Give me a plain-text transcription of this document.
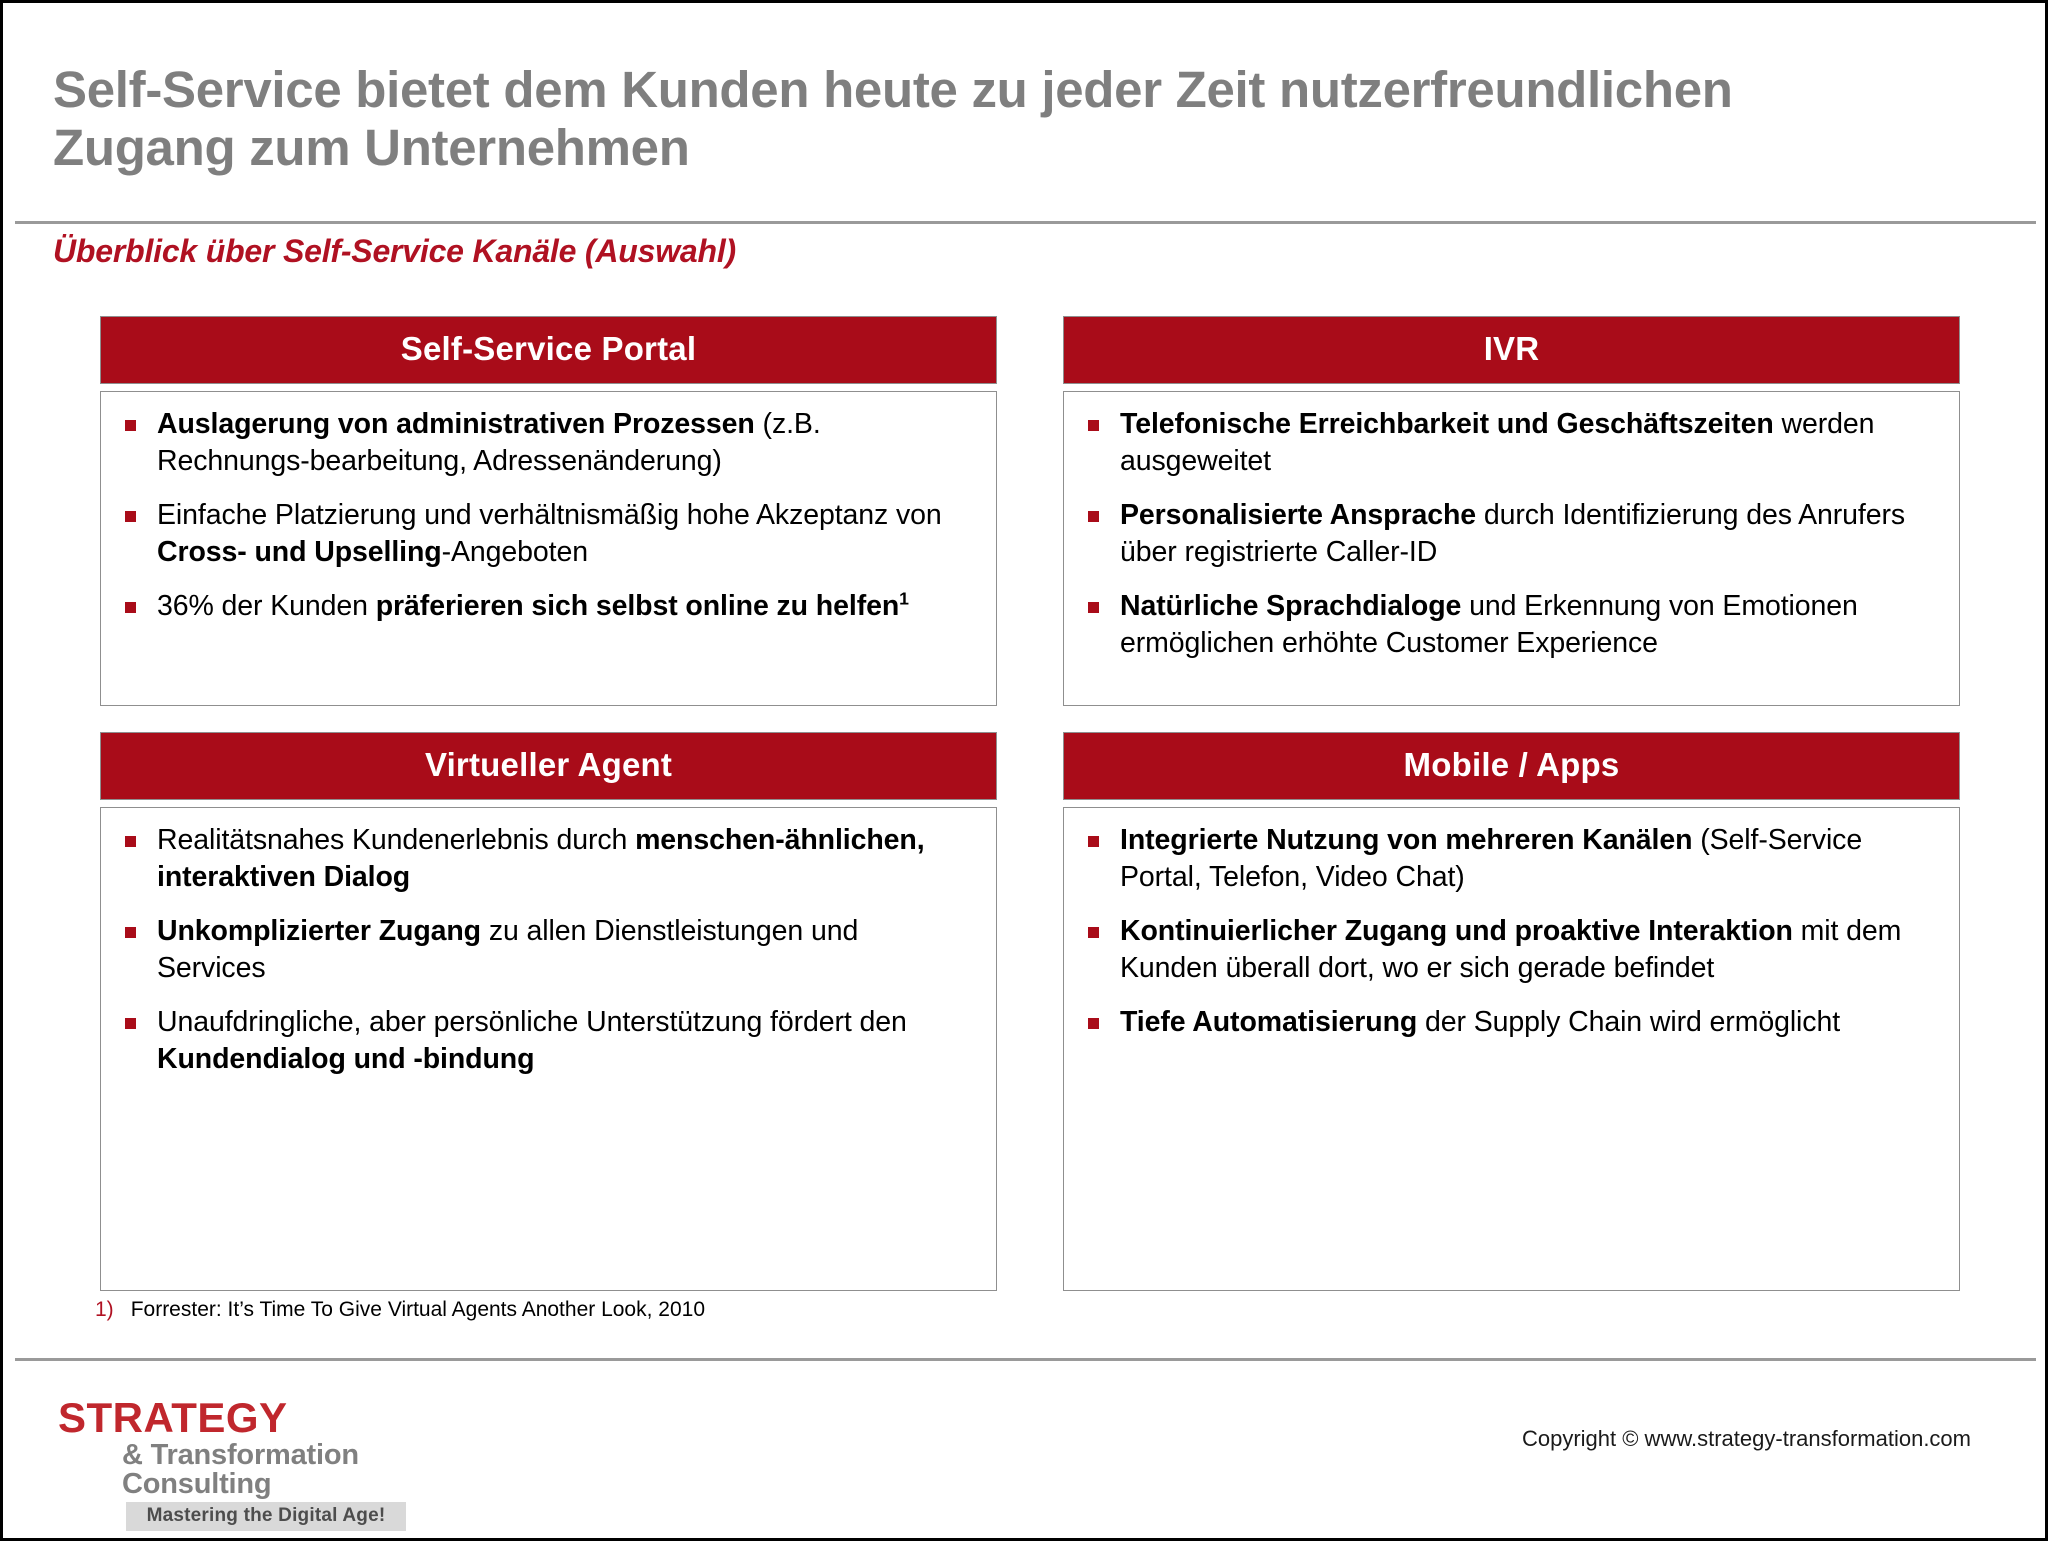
Self-Service bietet dem Kunden heute zu jeder Zeit nutzerfreundlichen Zugang zum Unternehmen
Überblick über Self-Service Kanäle (Auswahl)
Self-Service Portal
Auslagerung von administrativen Prozessen (z.B. Rechnungs-bearbeitung, Adressenänderung)
Einfache Platzierung und verhältnismäßig hohe Akzeptanz von Cross- und Upselling-Angeboten
36% der Kunden präferieren sich selbst online zu helfen$^1$
IVR
Telefonische Erreichbarkeit und Geschäftszeiten werden ausgeweitet
Personalisierte Ansprache durch Identifizierung des Anrufers über registrierte Caller-ID
Natürliche Sprachdialoge und Erkennung von Emotionen ermöglichen erhöhte Customer Experience
Virtueller Agent
Realitätsnahes Kundenerlebnis durch menschen-ähnlichen, interaktiven Dialog
Unkomplizierter Zugang zu allen Dienstleistungen und Services
Unaufdringliche, aber persönliche Unterstützung fördert den Kundendialog und -bindung
Mobile / Apps
Integrierte Nutzung von mehreren Kanälen (Self-Service Portal, Telefon, Video Chat)
Kontinuierlicher Zugang und proaktive Interaktion mit dem Kunden überall dort, wo er sich gerade befindet
Tiefe Automatisierung der Supply Chain wird ermöglicht
1) Forrester: It’s Time To Give Virtual Agents Another Look, 2010
STRATEGY
& Transformation Consulting
Mastering the Digital Age!
Copyright © www.strategy-transformation.com
